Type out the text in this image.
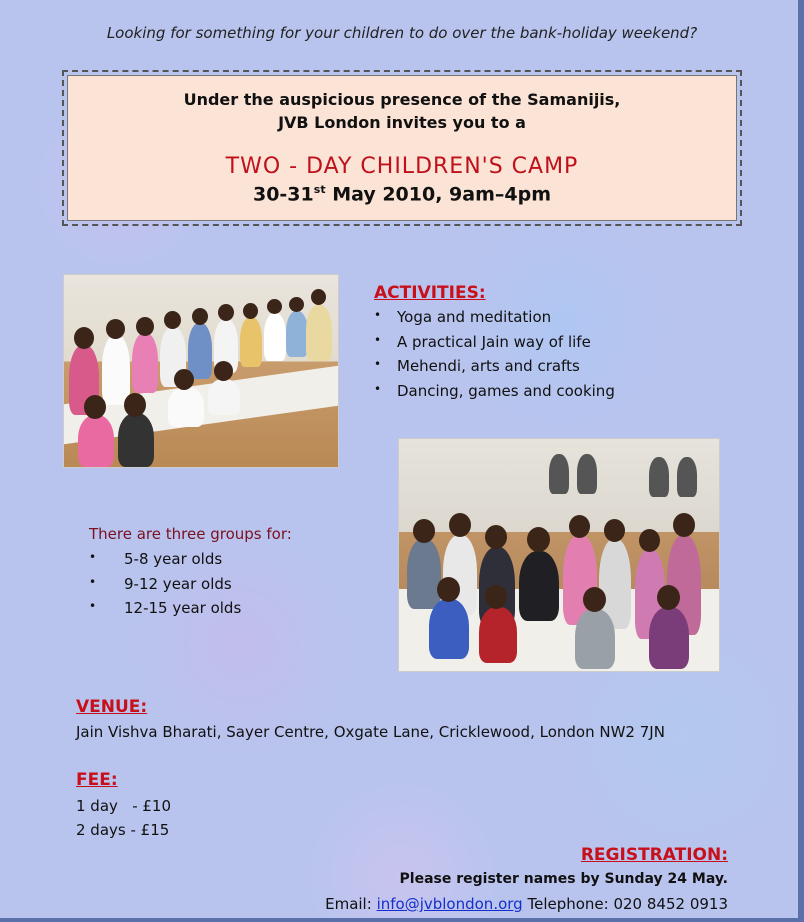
Looking for something for your children to do over the bank-holiday weekend?
Under the auspicious presence of the Samanijis,
JVB London invites you to a
TWO - DAY CHILDREN'S CAMP
30-31st May 2010, 9am–4pm
ACTIVITIES:
• Yoga and meditation
• A practical Jain way of life
• Mehendi, arts and crafts
• Dancing, games and cooking
There are three groups for:
• 5-8 year olds
• 9-12 year olds
• 12-15 year olds
VENUE:
Jain Vishva Bharati, Sayer Centre, Oxgate Lane, Cricklewood, London NW2 7JN
FEE:
1 day   - £10
2 days - £15
REGISTRATION:
Please register names by Sunday 24 May.
Email: info@jvblondon.org Telephone: 020 8452 0913
